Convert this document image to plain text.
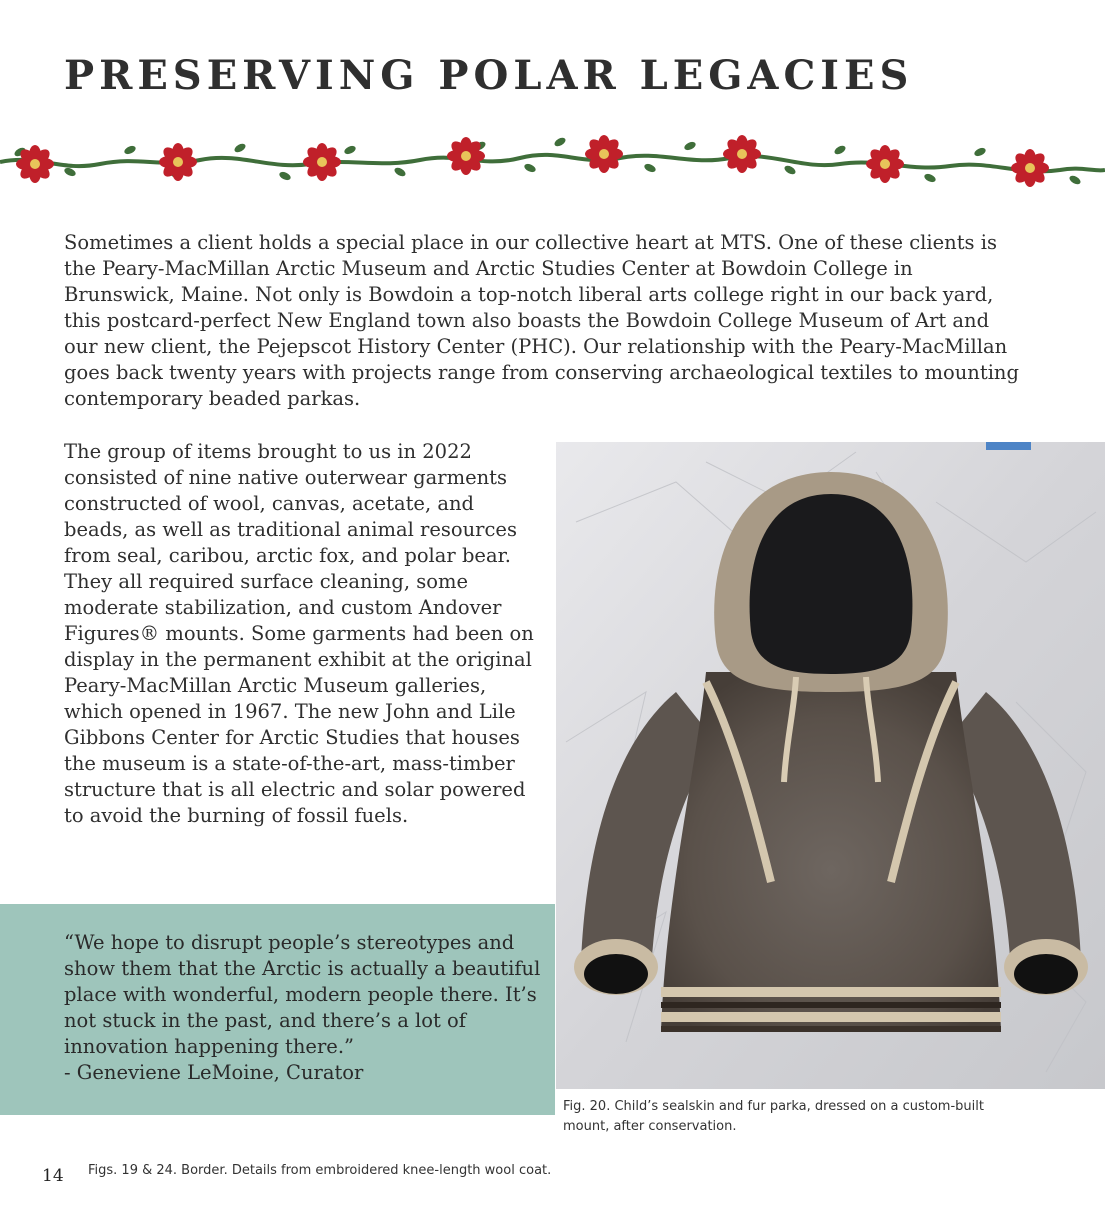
PRESERVING POLAR LEGACIES

Sometimes a client holds a special place in our collective heart at MTS. One of these clients is the Peary-MacMillan Arctic Museum and Arctic Studies Center at Bowdoin College in Brunswick, Maine. Not only is Bowdoin a top-notch liberal arts college right in our back yard, this postcard-perfect New England town also boasts the Bowdoin College Museum of Art and our new client, the Pejepscot History Center (PHC). Our relationship with the Peary-MacMillan goes back twenty years with projects range from conserving archaeological textiles to mounting contemporary beaded parkas.

The group of items brought to us in 2022 consisted of nine native outerwear garments constructed of wool, canvas, acetate, and beads, as well as traditional animal resources from seal, caribou, arctic fox, and polar bear. They all required surface cleaning, some moderate stabilization, and custom Andover Figures® mounts. Some garments had been on display in the permanent exhibit at the original Peary-MacMillan Arctic Museum galleries, which opened in 1967. The new John and Lile Gibbons Center for Arctic Studies that houses the museum is a state-of-the-art, mass-timber structure that is all electric and solar powered to avoid the burning of fossil fuels.

“We hope to disrupt people’s stereotypes and show them that the Arctic is actually a beautiful place with wonderful, modern people there. It’s not stuck in the past, and there’s a lot of innovation happening there.”
- Geneviene LeMoine, Curator

Fig. 20. Child’s sealskin and fur parka, dressed on a custom-built mount, after conservation.

14 Figs. 19 & 24. Border. Details from embroidered knee-length wool coat.
